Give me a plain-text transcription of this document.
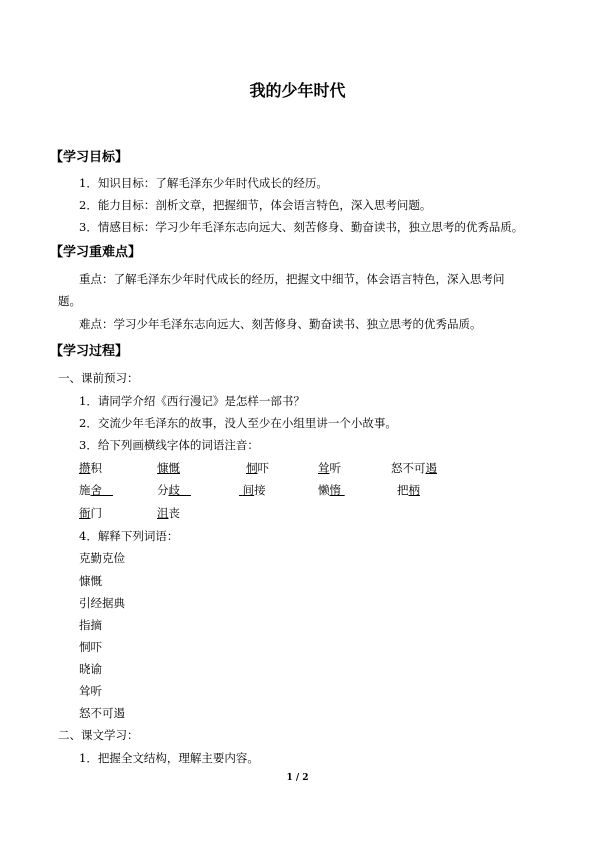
我的少年时代
【学习目标】
1．知识目标：了解毛泽东少年时代成长的经历。
2．能力目标：剖析文章，把握细节，体会语言特色，深入思考问题。
3．情感目标：学习少年毛泽东志向远大、刻苦修身、勤奋读书，独立思考的优秀品质。
【学习重难点】
重点：了解毛泽东少年时代成长的经历，把握文中细节，体会语言特色，深入思考问
题。
难点：学习少年毛泽东志向远大、刻苦修身、勤奋读书、独立思考的优秀品质。
【学习过程】
一、课前预习：
1．请同学介绍《西行漫记》是怎样一部书？
2．交流少年毛泽东的故事，没人至少在小组里讲一个小故事。
3．给下列画横线字体的词语注音：
攒积	慷慨	恫吓	耸听	怒不可遏
施舍	分歧	间接	懒惰	把柄
衙门	沮丧
4．解释下列词语：
克勤克俭
慷慨
引经据典
指摘
恫吓
晓谕
耸听
怒不可遏
二、课文学习：
1．把握全文结构，理解主要内容。
1 / 2
